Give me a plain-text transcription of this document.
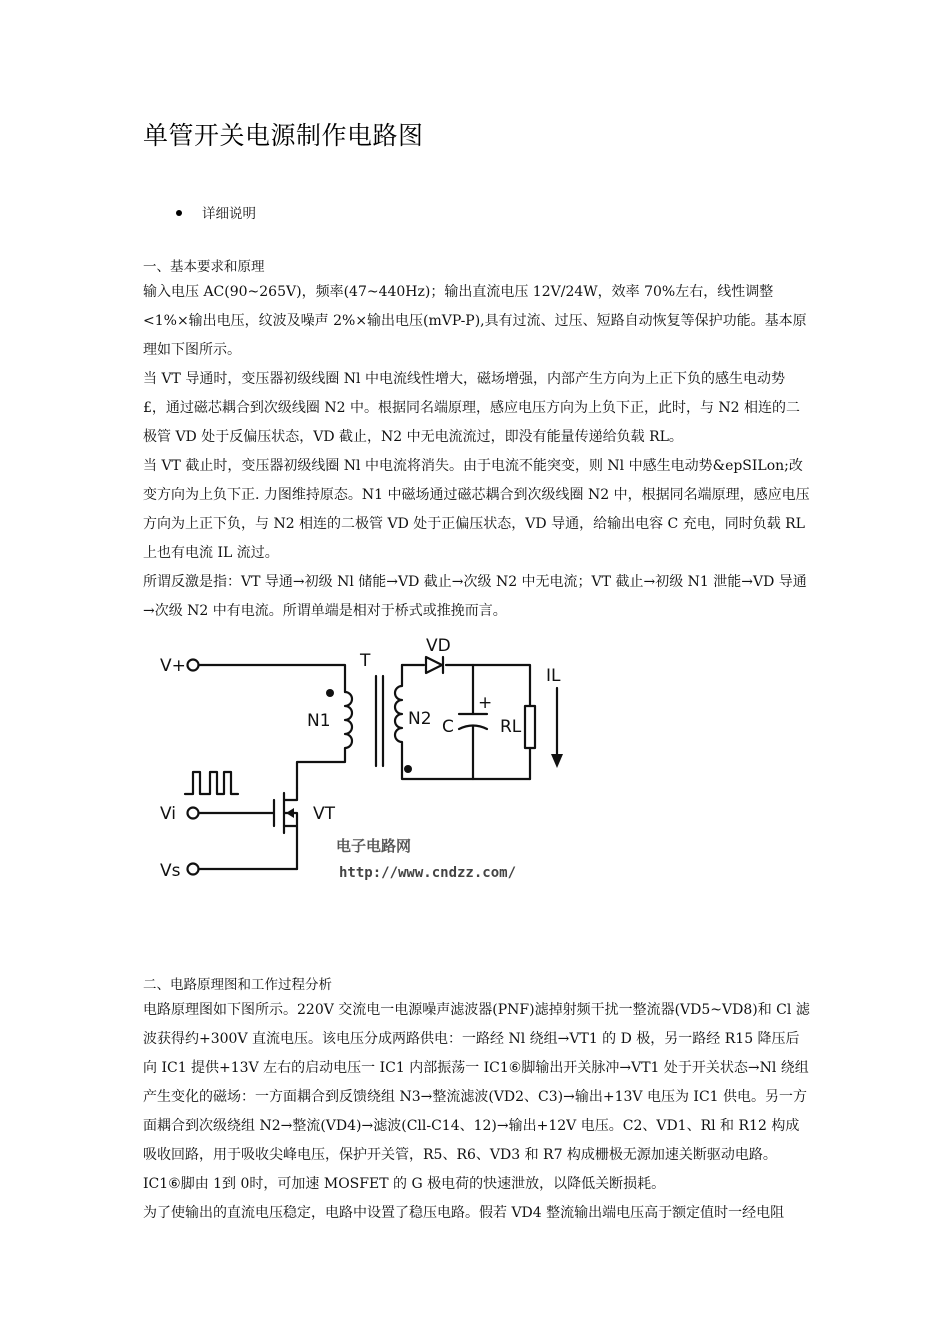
单管开关电源制作电路图
详细说明
一、基本要求和原理

输入电压 AC(90~265V)，频率(47~440Hz)；输出直流电压 12V/24W，效率 70%左右，线性调整 <1%×输出电压，纹波及噪声 2%×输出电压(mVP-P),具有过流、过压、短路自动恢复等保护功能。基本原理如下图所示。

当 VT 导通时，变压器初级线圈 Nl 中电流线性增大，磁场增强，内部产生方向为上正下负的感生电动势 £，通过磁芯耦合到次级线圈 N2 中。根据同名端原理，感应电压方向为上负下正，此时，与 N2 相连的二极管 VD 处于反偏压状态，VD 截止，N2 中无电流流过，即没有能量传递给负载 RL。

当 VT 截止时，变压器初级线圈 Nl 中电流将消失。由于电流不能突变，则 Nl 中感生电动势&epSILon;改变方向为上负下正. 力图维持原态。N1 中磁场通过磁芯耦合到次级线圈 N2 中，根据同名端原理，感应电压方向为上正下负，与 N2 相连的二极管 VD 处于正偏压状态，VD 导通，给输出电容 C 充电，同时负载 RL 上也有电流 IL 流过。

所谓反激是指：VT 导通→初级 Nl 储能→VD 截止→次级 N2 中无电流；VT 截止→初级 N1 泄能→VD 导通→次级 N2 中有电流。所谓单端是相对于桥式或推挽而言。

V+	T
VD
IL
N1	N2 C
+
RL
Vi	VT
Vs
电子电路网
http://www.cndzz.com/
二、电路原理图和工作过程分析

电路原理图如下图所示。220V 交流电一电源噪声滤波器(PNF)滤掉射频干扰一整流器(VD5~VD8)和 Cl 滤波获得约+300V 直流电压。该电压分成两路供电：一路经 Nl 绕组→VT1 的 D 极，另一路经 R15 降压后向 IC1 提供+13V 左右的启动电压一 IC1 内部振荡一 IC1⑥脚输出开关脉冲→VT1 处于开关状态→Nl 绕组产生变化的磁场：一方面耦合到反馈绕组 N3→整流滤波(VD2、C3)→输出+13V 电压为 IC1 供电。另一方面耦合到次级绕组 N2→整流(VD4)→滤波(Cll-C14、12)→输出+12V 电压。C2、VD1、Rl 和 R12 构成吸收回路，用于吸收尖峰电压，保护开关管，R5、R6、VD3 和 R7 构成栅极无源加速关断驱动电路。IC1⑥脚由 1到 0时，可加速 MOSFET 的 G 极电荷的快速泄放，以降低关断损耗。

为了使输出的直流电压稳定，电路中设置了稳压电路。假若 VD4 整流输出端电压高于额定值时一经电阻
